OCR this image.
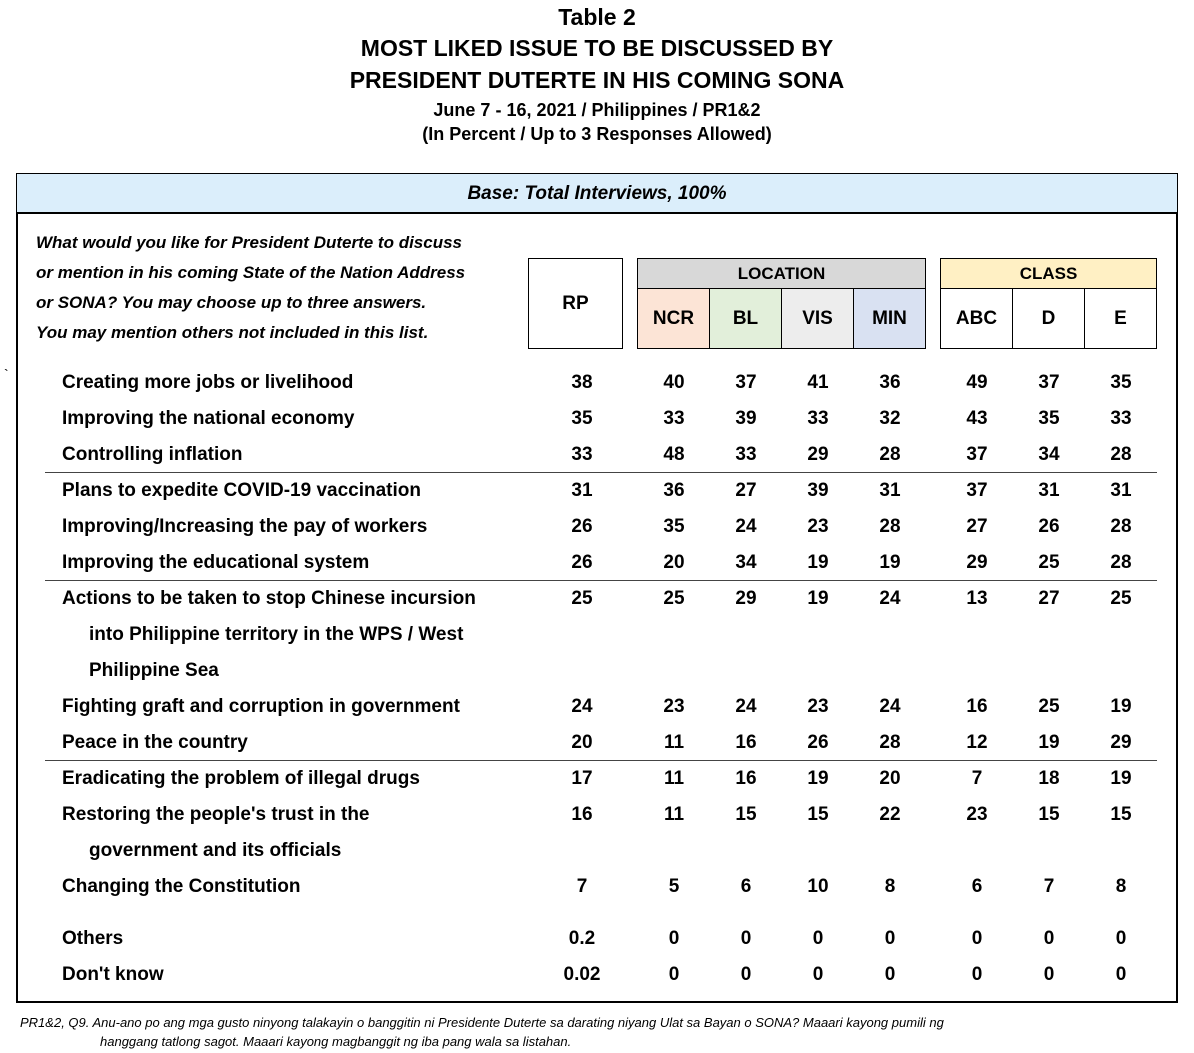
Table 2
MOST LIKED ISSUE TO BE DISCUSSED BY
PRESIDENT DUTERTE IN HIS COMING SONA
June 7 - 16, 2021 / Philippines / PR1&2
(In Percent / Up to 3 Responses Allowed)
Base: Total Interviews, 100%
What would you like for President Duterte to discuss
or mention in his coming State of the Nation Address
or SONA? You may choose up to three answers.
You may mention others not included in this list.
RP
LOCATION
NCR	BL	VIS	MIN
CLASS
ABC	D	E
`	Creating more jobs or livelihood	38	40	37	41	36	49	37	35
Improving the national economy	35	33	39	33	32	43	35	33
Controlling inflation	33	48	33	29	28	37	34	28
Plans to expedite COVID-19 vaccination	31	36	27	39	31	37	31	31
Improving/Increasing the pay of workers	26	35	24	23	28	27	26	28
Improving the educational system	26	20	34	19	19	29	25	28
Actions to be taken to stop Chinese incursion
into Philippine territory in the WPS / West
Philippine Sea
25	25	29	19	24	13	27	25
Fighting graft and corruption in government	24	23	24	23	24	16	25	19
Peace in the country	20	11	16	26	28	12	19	29
Eradicating the problem of illegal drugs	17	11	16	19	20	7	18	19
Restoring the people's trust in the
government and its officials
16	11	15	15	22	23	15	15
Changing the Constitution	7	5	6	10	8	6	7	8
Others	0.2	0	0	0	0	0	0	0
Don't know	0.02	0	0	0	0	0	0	0
PR1&2, Q9. Anu-ano po ang mga gusto ninyong talakayin o banggitin ni Presidente Duterte sa darating niyang Ulat sa Bayan o SONA? Maaari kayong pumili ng
hanggang tatlong sagot. Maaari kayong magbanggit ng iba pang wala sa listahan.
